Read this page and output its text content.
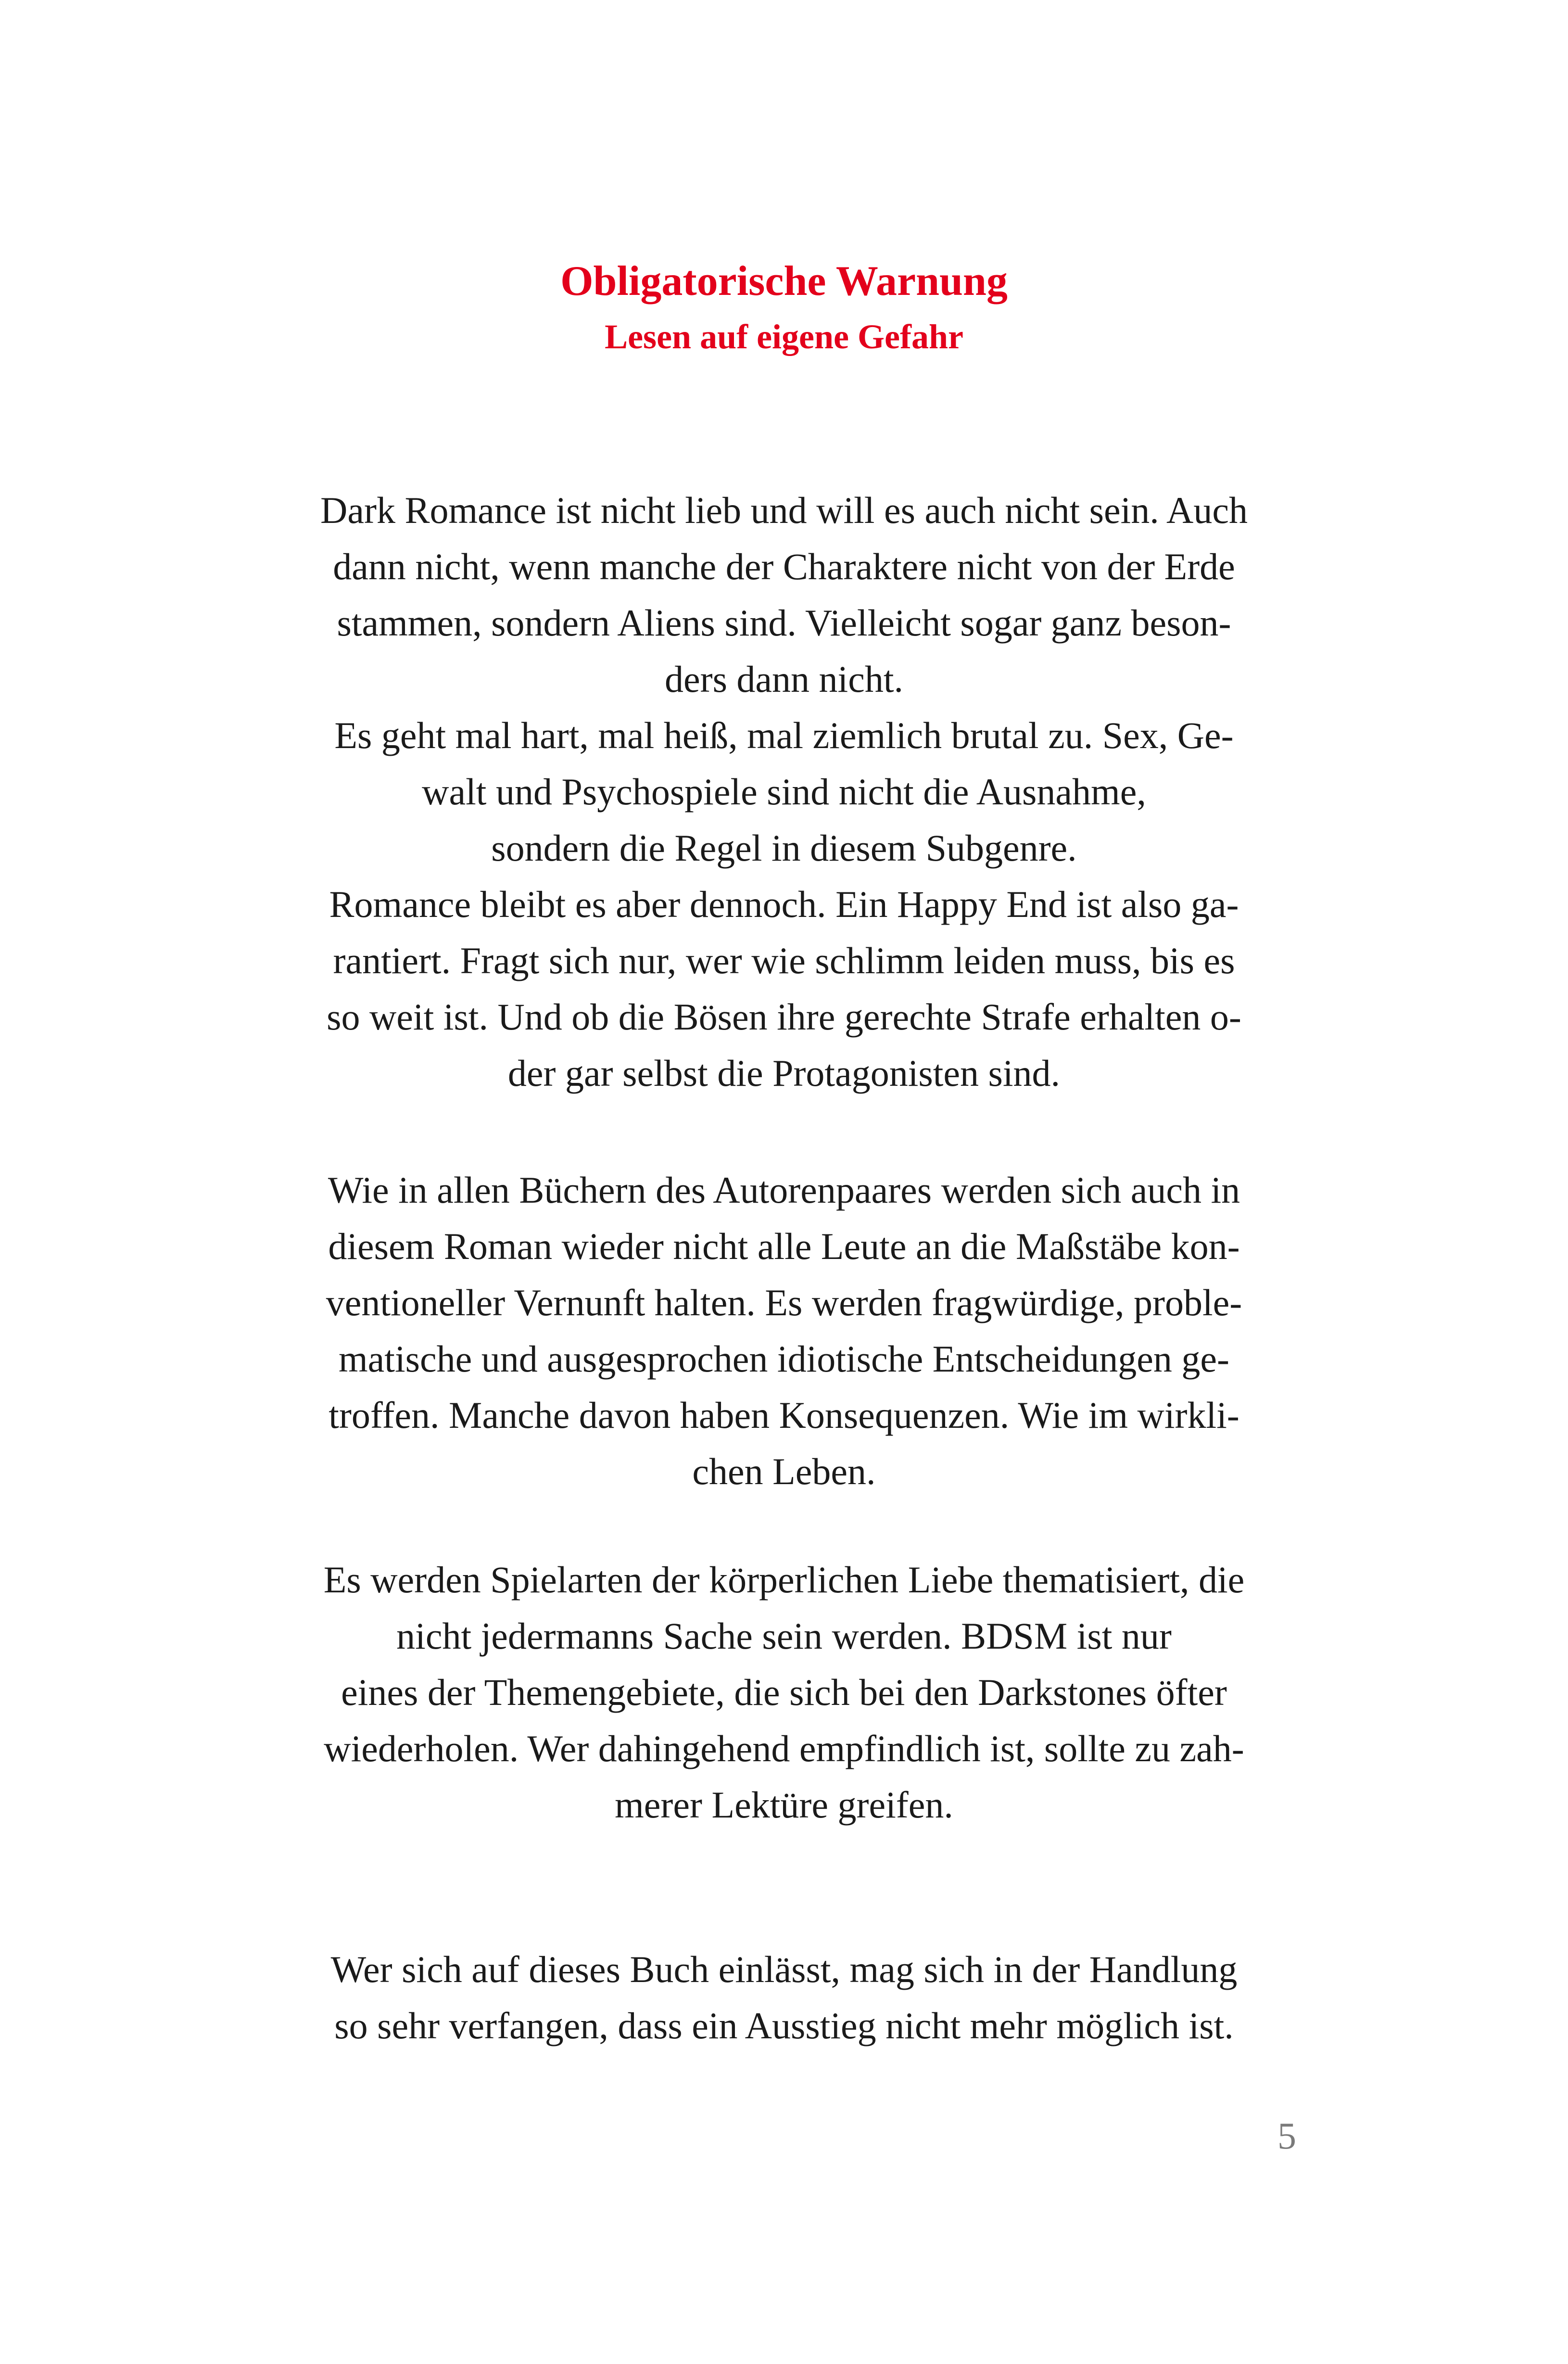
Obligatorische Warnung
Lesen auf eigene Gefahr
Dark Romance ist nicht lieb und will es auch nicht sein. Auch
dann nicht, wenn manche der Charaktere nicht von der Erde
stammen, sondern Aliens sind. Vielleicht sogar ganz beson-
ders dann nicht.
Es geht mal hart, mal heiß, mal ziemlich brutal zu. Sex, Ge-
walt und Psychospiele sind nicht die Ausnahme,
sondern die Regel in diesem Subgenre.
Romance bleibt es aber dennoch. Ein Happy End ist also ga-
rantiert. Fragt sich nur, wer wie schlimm leiden muss, bis es
so weit ist. Und ob die Bösen ihre gerechte Strafe erhalten o-
der gar selbst die Protagonisten sind.
Wie in allen Büchern des Autorenpaares werden sich auch in
diesem Roman wieder nicht alle Leute an die Maßstäbe kon-
ventioneller Vernunft halten. Es werden fragwürdige, proble-
matische und ausgesprochen idiotische Entscheidungen ge-
troffen. Manche davon haben Konsequenzen. Wie im wirkli-
chen Leben.
Es werden Spielarten der körperlichen Liebe thematisiert, die
nicht jedermanns Sache sein werden. BDSM ist nur
eines der Themengebiete, die sich bei den Darkstones öfter
wiederholen. Wer dahingehend empfindlich ist, sollte zu zah-
merer Lektüre greifen.
Wer sich auf dieses Buch einlässt, mag sich in der Handlung
so sehr verfangen, dass ein Ausstieg nicht mehr möglich ist.
5
